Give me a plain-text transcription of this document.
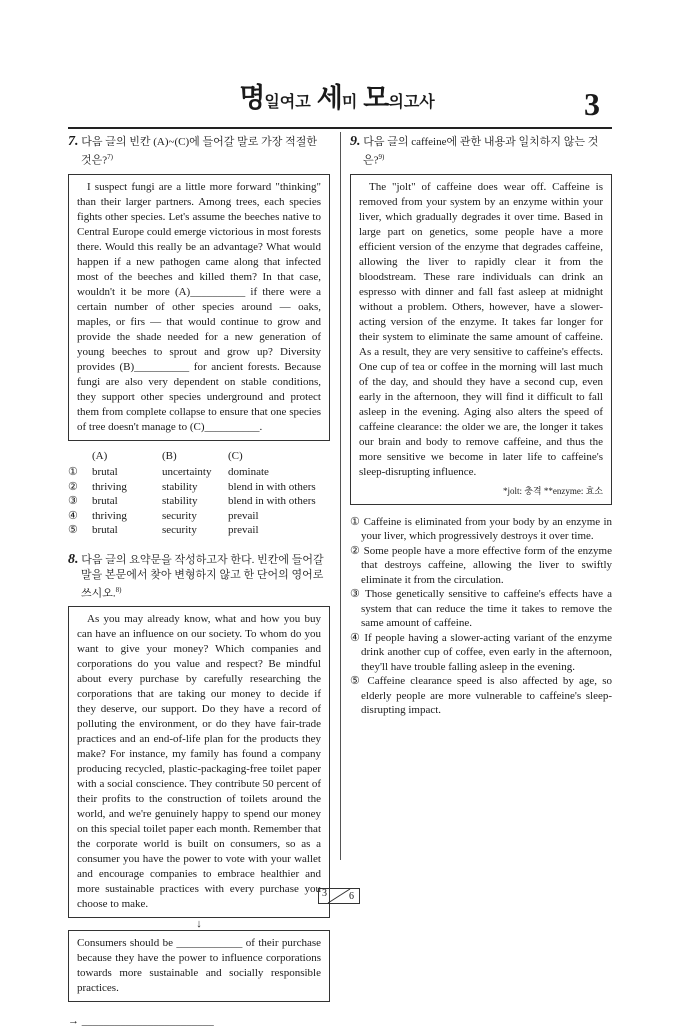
명일여고 세미 모의고사	3

7. 다음 글의 빈칸 (A)~(C)에 들어갈 말로 가장 적절한 것은?$^{7)}$

I suspect fungi are a little more forward "thinking" than their larger partners. Among trees, each species fights other species. Let's assume the beeches native to Central Europe could emerge victorious in most forests there. Would this really be an advantage? What would happen if a new pathogen came along that infected most of the beeches and killed them? In that case, wouldn't it be more (A)__________ if there were a certain number of other species around — oaks, maples, or firs — that would continue to grow and provide the shade needed for a new generation of young beeches to sprout and grow up? Diversity provides (B)__________ for ancient forests. Because fungi are also very dependent on stable conditions, they support other species underground and protect them from complete collapse to ensure that one species of tree doesn't manage to (C)__________.

	(A)	(B)	(C)
①	brutal	uncertainty	dominate
②	thriving	stability	blend in with others
③	brutal	stability	blend in with others
④	thriving	security	prevail
⑤	brutal	security	prevail

8. 다음 글의 요약문을 작성하고자 한다. 빈칸에 들어갈 말을 본문에서 찾아 변형하지 않고 한 단어의 영어로 쓰시오.$^{8)}$

As you may already know, what and how you buy can have an influence on our society. To whom do you want to give your money? Which companies and corporations do you value and respect? Be mindful about every purchase by carefully researching the corporations that are taking our money to decide if they deserve, our support. Do they have a record of polluting the environment, or do they have fair-trade practices and an end-of-life plan for the products they make? For instance, my family has found a company producing recycled, plastic-packaging-free toilet paper with a social conscience. They contribute 50 percent of their profits to the construction of toilets around the world, and we're genuinely happy to spend our money on this special toilet paper each month. Remember that the corporate world is built on consumers, so as a consumer you have the power to vote with your wallet and encourage companies to embrace healthier and more sustainable practices with every purchase you choose to make.

↓

Consumers should be ____________ of their purchase because they have the power to influence corporations towards more sustainable and socially responsible practices.

→ ________________________

9. 다음 글의 caffeine에 관한 내용과 일치하지 않는 것은?$^{9)}$

The "jolt" of caffeine does wear off. Caffeine is removed from your system by an enzyme within your liver, which gradually degrades it over time. Based in large part on genetics, some people have a more efficient version of the enzyme that degrades caffeine, allowing the liver to rapidly clear it from the bloodstream. These rare individuals can drink an espresso with dinner and fall fast asleep at midnight without a problem. Others, however, have a slower-acting version of the enzyme. It takes far longer for their system to eliminate the same amount of caffeine. As a result, they are very sensitive to caffeine's effects. One cup of tea or coffee in the morning will last much of the day, and should they have a second cup, even early in the afternoon, they will find it difficult to fall asleep in the evening. Aging also alters the speed of caffeine clearance: the older we are, the longer it takes our brain and body to remove caffeine, and thus the more sensitive we become in later life to caffeine's sleep-disrupting influence.

*jolt: 충격 **enzyme: 효소

① Caffeine is eliminated from your body by an enzyme in your liver, which progressively destroys it over time.

② Some people have a more effective form of the enzyme that destroys caffeine, allowing the liver to swiftly eliminate it from the circulation.

③ Those genetically sensitive to caffeine's effects have a system that can reduce the time it takes to remove the same amount of caffeine.

④ If people having a slower-acting variant of the enzyme drink another cup of coffee, even early in the afternoon, they'll have trouble falling asleep in the evening.

⑤ Caffeine clearance speed is also affected by age, so elderly people are more vulnerable to caffeine's sleep-disrupting impact.

3 6
